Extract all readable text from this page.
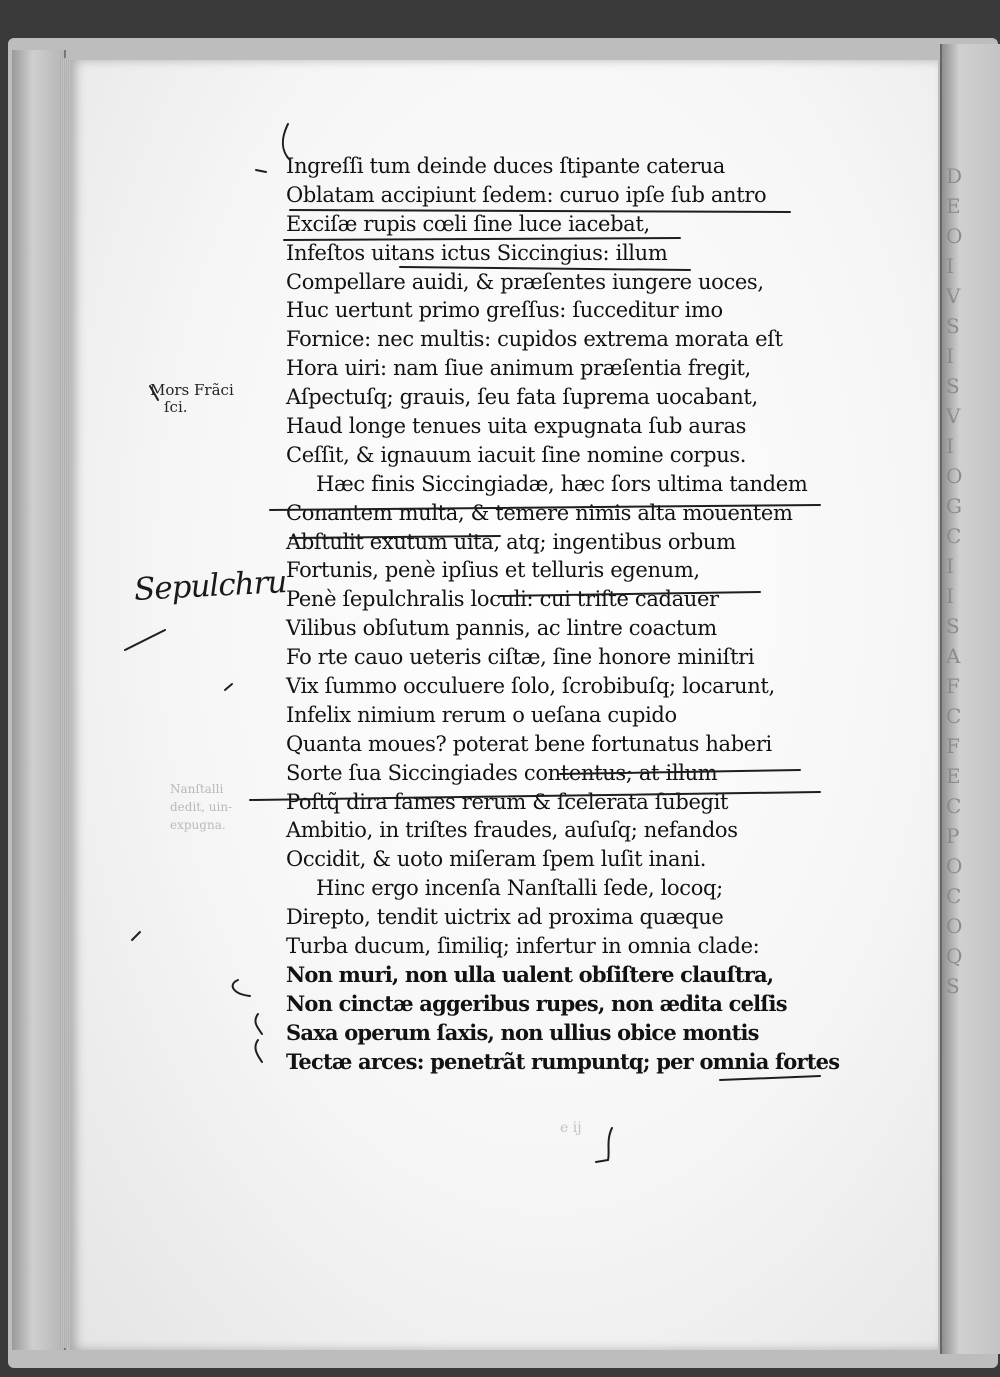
D
E
O
I
V
S
I
S
V
I
O
G
C
I
I
S
A
F
C
F
E
C
P
O
C
O
Q
S
Nanſtalli
dedit, uin-
expugna.
e ij
Mors Frãci
ſci.
Sepulchru
Ingreſſi tum deinde duces ſtipante caterua
Oblatam accipiunt ſedem: curuo ipſe ſub antro
Exciſæ rupis cœli ſine luce iacebat,
Infeſtos uitans ictus Siccingius: illum
Compellare auidi, & præſentes iungere uoces,
Huc uertunt primo greſſus: ſucceditur imo
Fornice: nec multis: cupidos extrema morata eſt
Hora uiri: nam ſiue animum præſentia fregit,
Aſpectuſq; grauis, ſeu fata ſuprema uocabant,
Haud longe tenues uita expugnata ſub auras
Ceſſit, & ignauum iacuit ſine nomine corpus.
Hæc finis Siccingiadæ, hæc ſors ultima tandem
Conantem multa, & temere nimis alta mouentem
Abſtulit exutum uita, atq; ingentibus orbum
Fortunis, penè ipſius et telluris egenum,
Penè ſepulchralis loculi: cui triſte cadauer
Vilibus obſutum pannis, ac lintre coactum
Fo rte cauo ueteris ciſtæ, ſine honore miniſtri
Vix ſummo occuluere ſolo, ſcrobibuſq; locarunt,
Infelix nimium rerum o ueſana cupido
Quanta moues? poterat bene fortunatus haberi
Sorte ſua Siccingiades contentus; at illum
Poſtq̃ dira fames rerum & ſcelerata ſubegit
Ambitio, in triſtes fraudes, auſuſq; nefandos
Occidit, & uoto miſeram ſpem luſit inani.
Hinc ergo incenſa Nanſtalli ſede, locoq;
Direpto, tendit uictrix ad proxima quæque
Turba ducum, ſimiliq; infertur in omnia clade:
Non muri, non ulla ualent obſiſtere clauſtra,
Non cinctæ aggeribus rupes, non ædita celſis
Saxa operum ſaxis, non ullius obice montis
Tectæ arces: penetrãt rumpuntq; per omnia fortes
